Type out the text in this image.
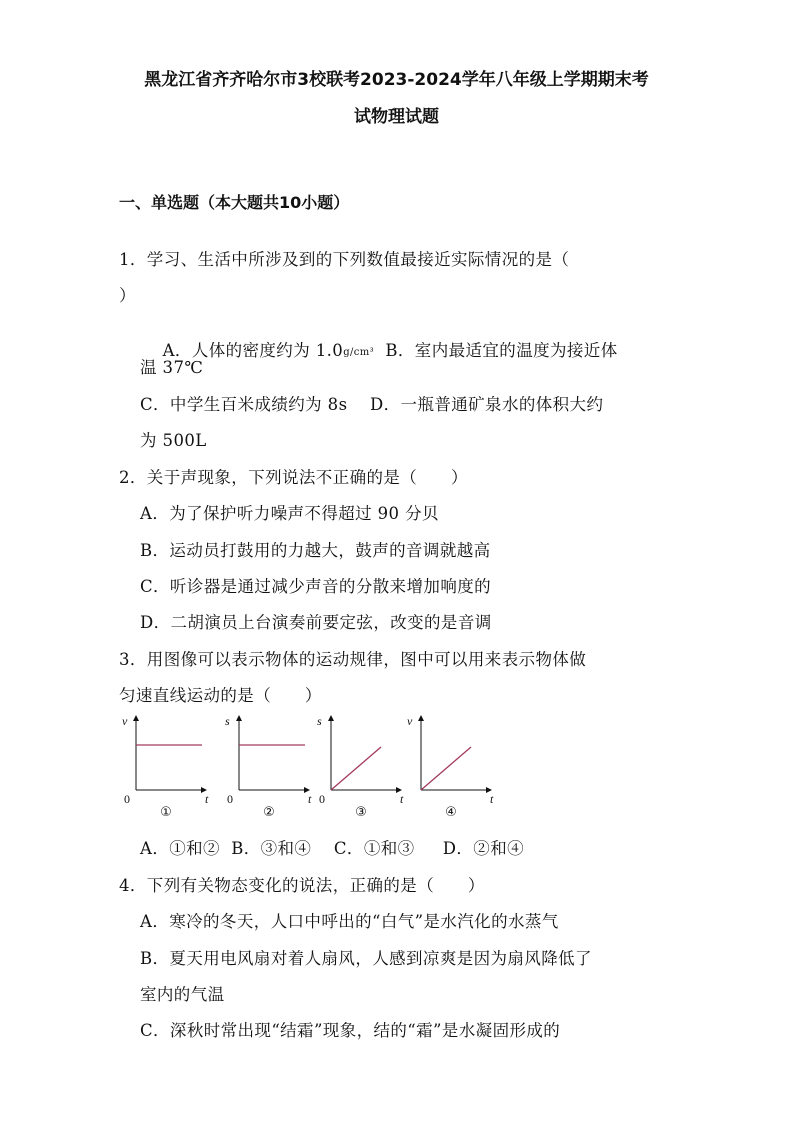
黑龙江省齐齐哈尔市3校联考2023-2024学年八年级上学期期末考
试物理试题
一、单选题（本大题共10小题）
1．学习、生活中所涉及到的下列数值最接近实际情况的是（
）

A．人体的密度约为 1.0g/cm³  B．室内最适宜的温度为接近体

温 37℃
C．中学生百米成绩约为 8s    D．一瓶普通矿泉水的体积大约
为 500L
2．关于声现象，下列说法不正确的是（　　）
A．为了保护听力噪声不得超过 90 分贝
B．运动员打鼓用的力越大，鼓声的音调就越高
C．听诊器是通过减少声音的分散来增加响度的
D．二胡演员上台演奏前要定弦，改变的是音调
3．用图像可以表示物体的运动规律，图中可以用来表示物体做
匀速直线运动的是（　　）
v
t
0
①
s
t
0
②
s
t
0
③
v
t
④
A．①和②  B．③和④    C．①和③     D．②和④
4．下列有关物态变化的说法，正确的是（　　）
A．寒冷的冬天，人口中呼出的“白气”是水汽化的水蒸气
B．夏天用电风扇对着人扇风，人感到凉爽是因为扇风降低了
室内的气温
C．深秋时常出现“结霜”现象，结的“霜”是水凝固形成的
